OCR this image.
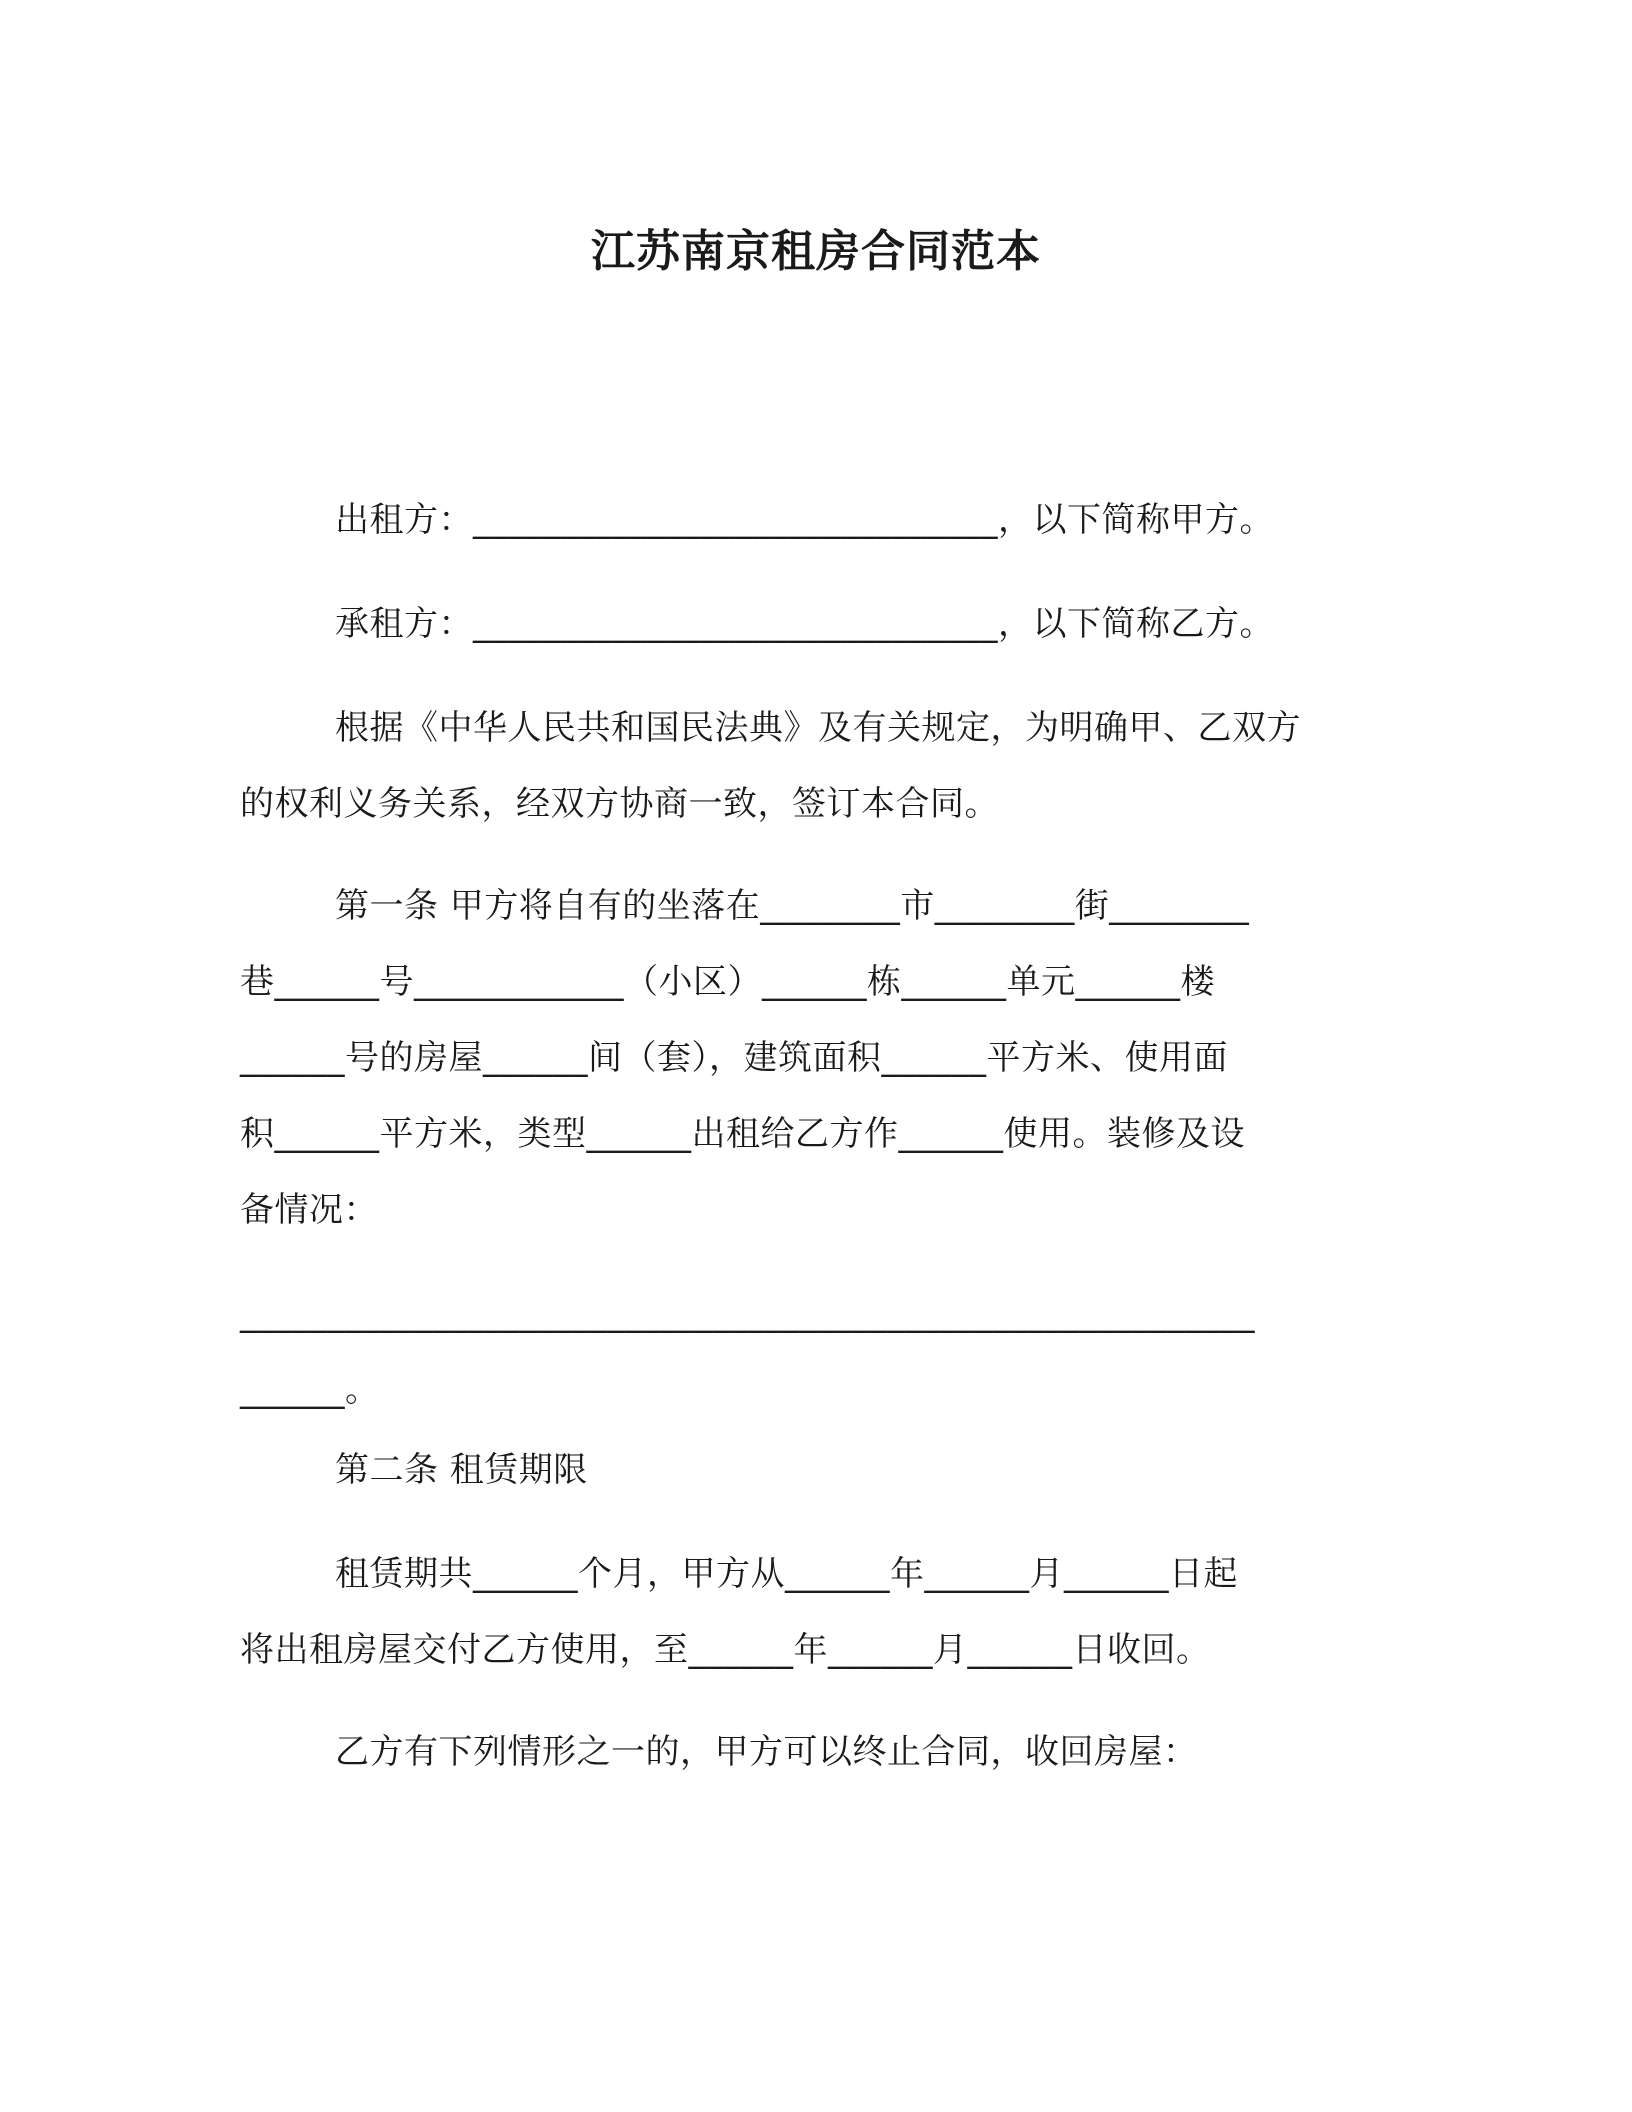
江苏南京租房合同范本
出租方：______________________________，以下简称甲方。
承租方：______________________________，以下简称乙方。
根据《中华人民共和国民法典》及有关规定，为明确甲、乙双方
的权利义务关系，经双方协商一致，签订本合同。
第一条 甲方将自有的坐落在________市________街________
巷______号____________（小区）______栋______单元______楼
______号的房屋______间（套），建筑面积______平方米、使用面
积______平方米，类型______出租给乙方作______使用。装修及设
备情况：
__________________________________________________________
______。
第二条 租赁期限
租赁期共______个月，甲方从______年______月______日起
将出租房屋交付乙方使用，至______年______月______日收回。
乙方有下列情形之一的，甲方可以终止合同，收回房屋：
